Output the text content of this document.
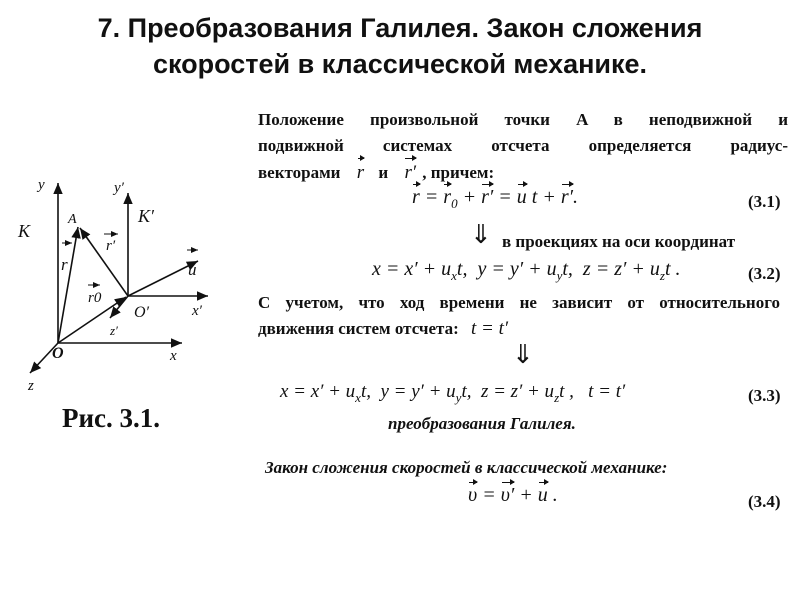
7. Преобразования Галилея. Закон сложения
скоростей в классической механике.
y	y′
K
K′
A
r
r′
r0
u
O′
O	x
x′
z
z′
Рис. 3.1.
Положение произвольной точки A в неподвижной и
подвижной системах отсчета определяется радиус-
векторами r и r′ , причем:
$r = r_0 + r' = u$ t + r′.	(3.1)
⇓ в проекциях на оси координат
$x = x' + u_xt$,  $y = y' + u_yt$,  $z = z' + u_zt$ .	(3.2)
С учетом, что ход времени не зависит от относительного
движения систем отсчета: t = t′
⇓
$x = x' + u_xt$,  $y = y' + u_yt$,  $z = z' + u_zt$ ,   t = t′	(3.3)
преобразования Галилея.
Закон сложения скоростей в классической механике:
υ = υ′ + u .	(3.4)
